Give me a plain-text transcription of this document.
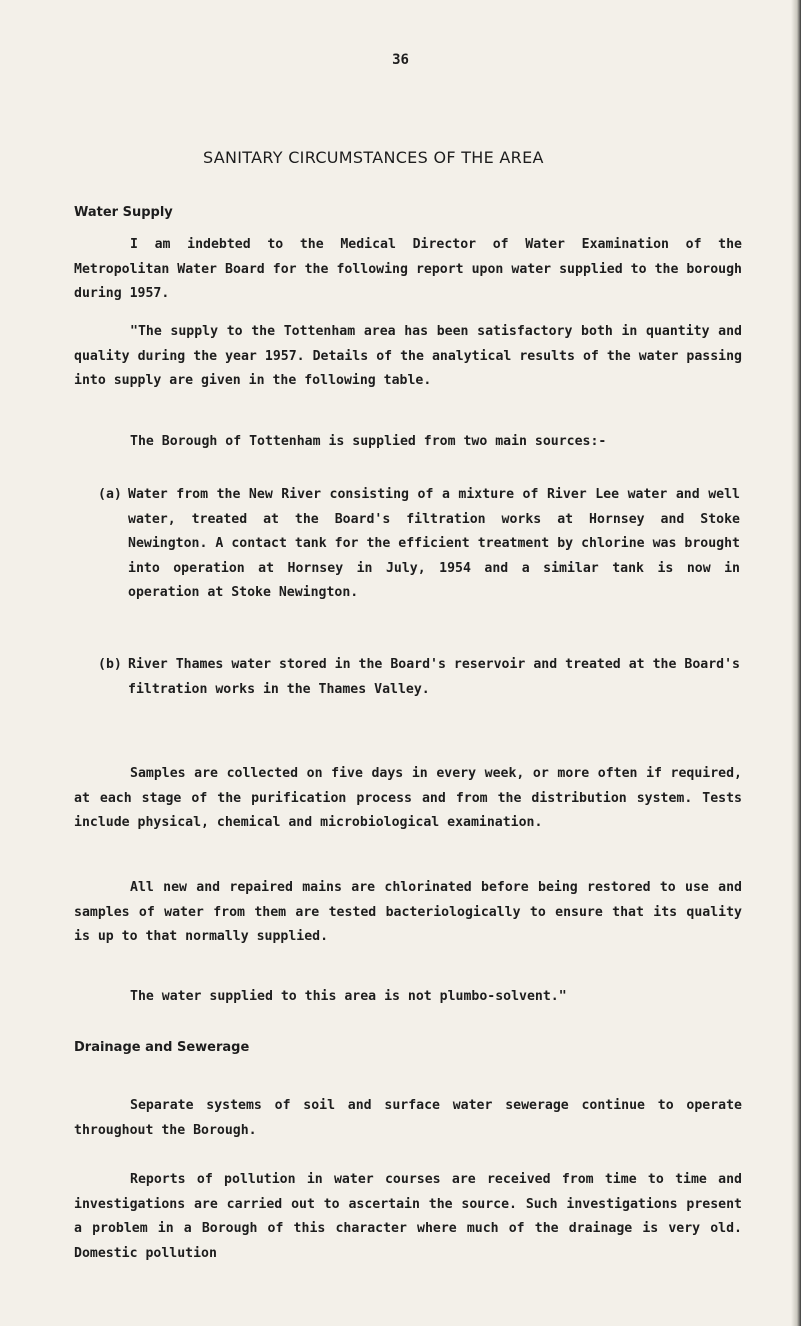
36
SANITARY CIRCUMSTANCES OF THE AREA
Water Supply

I am indebted to the Medical Director of Water Examination of the Metropolitan Water Board for the following report upon water supplied to the borough during 1957.

"The supply to the Tottenham area has been satisfactory both in quantity and quality during the year 1957. Details of the analytical results of the water passing into supply are given in the following table.

The Borough of Tottenham is supplied from two main sources:-

(a) Water from the New River consisting of a mixture of River Lee water and well water, treated at the Board's filtration works at Hornsey and Stoke Newington. A contact tank for the efficient treatment by chlorine was brought into operation at Hornsey in July, 1954 and a similar tank is now in operation at Stoke Newington.
(b) River Thames water stored in the Board's reservoir and treated at the Board's filtration works in the Thames Valley.

Samples are collected on five days in every week, or more often if required, at each stage of the purification process and from the distribution system. Tests include physical, chemical and microbiological examination.

All new and repaired mains are chlorinated before being restored to use and samples of water from them are tested bacteriologically to ensure that its quality is up to that normally supplied.

The water supplied to this area is not plumbo-solvent."

Drainage and Sewerage

Separate systems of soil and surface water sewerage continue to operate throughout the Borough.

Reports of pollution in water courses are received from time to time and investigations are carried out to ascertain the source. Such investigations present a problem in a Borough of this character where much of the drainage is very old. Domestic pollution
